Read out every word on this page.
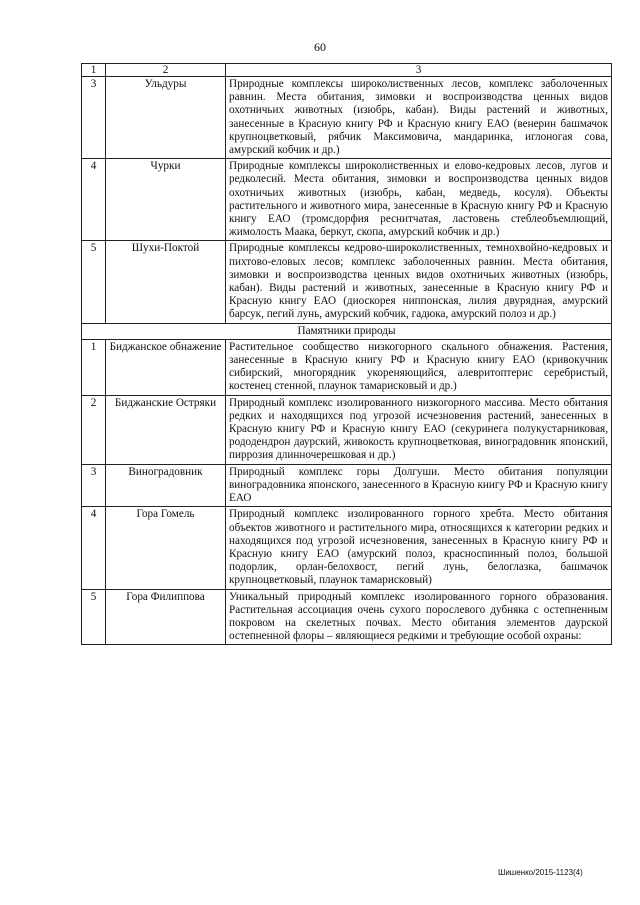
60
1	2	3
3	Ульдуры	Природные комплексы широколиственных лесов, комплекс заболоченных равнин. Места обитания, зимовки и воспроизводства ценных видов охотничьих животных (изюбрь, кабан). Виды растений и животных, занесенные в Красную книгу РФ и Красную книгу ЕАО (венерин башмачок крупноцветковый, рябчик Максимовича, мандаринка, иглоногая сова, амурский кобчик и др.)
4	Чурки	Природные комплексы широколиственных и елово-кедровых лесов, лугов и редколесий. Места обитания, зимовки и воспроизводства ценных видов охотничьих животных (изюбрь, кабан, медведь, косуля). Объекты растительного и животного мира, занесенные в Красную книгу РФ и Красную книгу ЕАО (тромсдорфия реснитчатая, ластовень стеблеобъемлющий, жимолость Маака, беркут, скопа, амурский кобчик и др.)
5	Шухи-Поктой	Природные комплексы кедрово-широколиственных, темнохвойно-кедровых и пихтово-еловых лесов; комплекс заболоченных равнин. Места обитания, зимовки и воспроизводства ценных видов охотничьих животных (изюбрь, кабан). Виды растений и животных, занесенные в Красную книгу РФ и Красную книгу ЕАО (диоскорея ниппонская, лилия двурядная, амурский барсук, пегий лунь, амурский кобчик, гадюка, амурский полоз и др.)
Памятники природы		
1	Биджанское обнажение	Растительное сообщество низкогорного скального обнажения. Растения, занесенные в Красную книгу РФ и Красную книгу ЕАО (кривокучник сибирский, многорядник укореняющийся, алевритоптерис серебристый, костенец стенной, плаунок тамарисковый и др.)
2	Биджанские Остряки	Природный комплекс изолированного низкогорного массива. Место обитания редких и находящихся под угрозой исчезновения растений, занесенных в Красную книгу РФ и Красную книгу ЕАО (секуринега полукустарниковая, рододендрон даурский, живокость крупноцветковая, виноградовник японский, пиррозия длинночерешковая и др.)
3	Виноградовник	Природный комплекс горы Долгуши. Место обитания популяции виноградовника японского, занесенного в Красную книгу РФ и Красную книгу ЕАО
4	Гора Гомель	Природный комплекс изолированного горного хребта. Место обитания объектов животного и растительного мира, относящихся к категории редких и находящихся под угрозой исчезновения, занесенных в Красную книгу РФ и Красную книгу ЕАО (амурский полоз, красноспинный полоз, большой подорлик, орлан-белохвост, пегий лунь, белоглазка, башмачок крупноцветковый, плаунок тамарисковый)
5	Гора Филиппова	Уникальный природный комплекс изолированного горного образования. Растительная ассоциация очень сухого порослевого дубняка с остепненным покровом на скелетных почвах. Место обитания элементов даурской остепненной флоры – являющиеся редкими и требующие особой охраны:
Шишенко/2015-1123(4)
